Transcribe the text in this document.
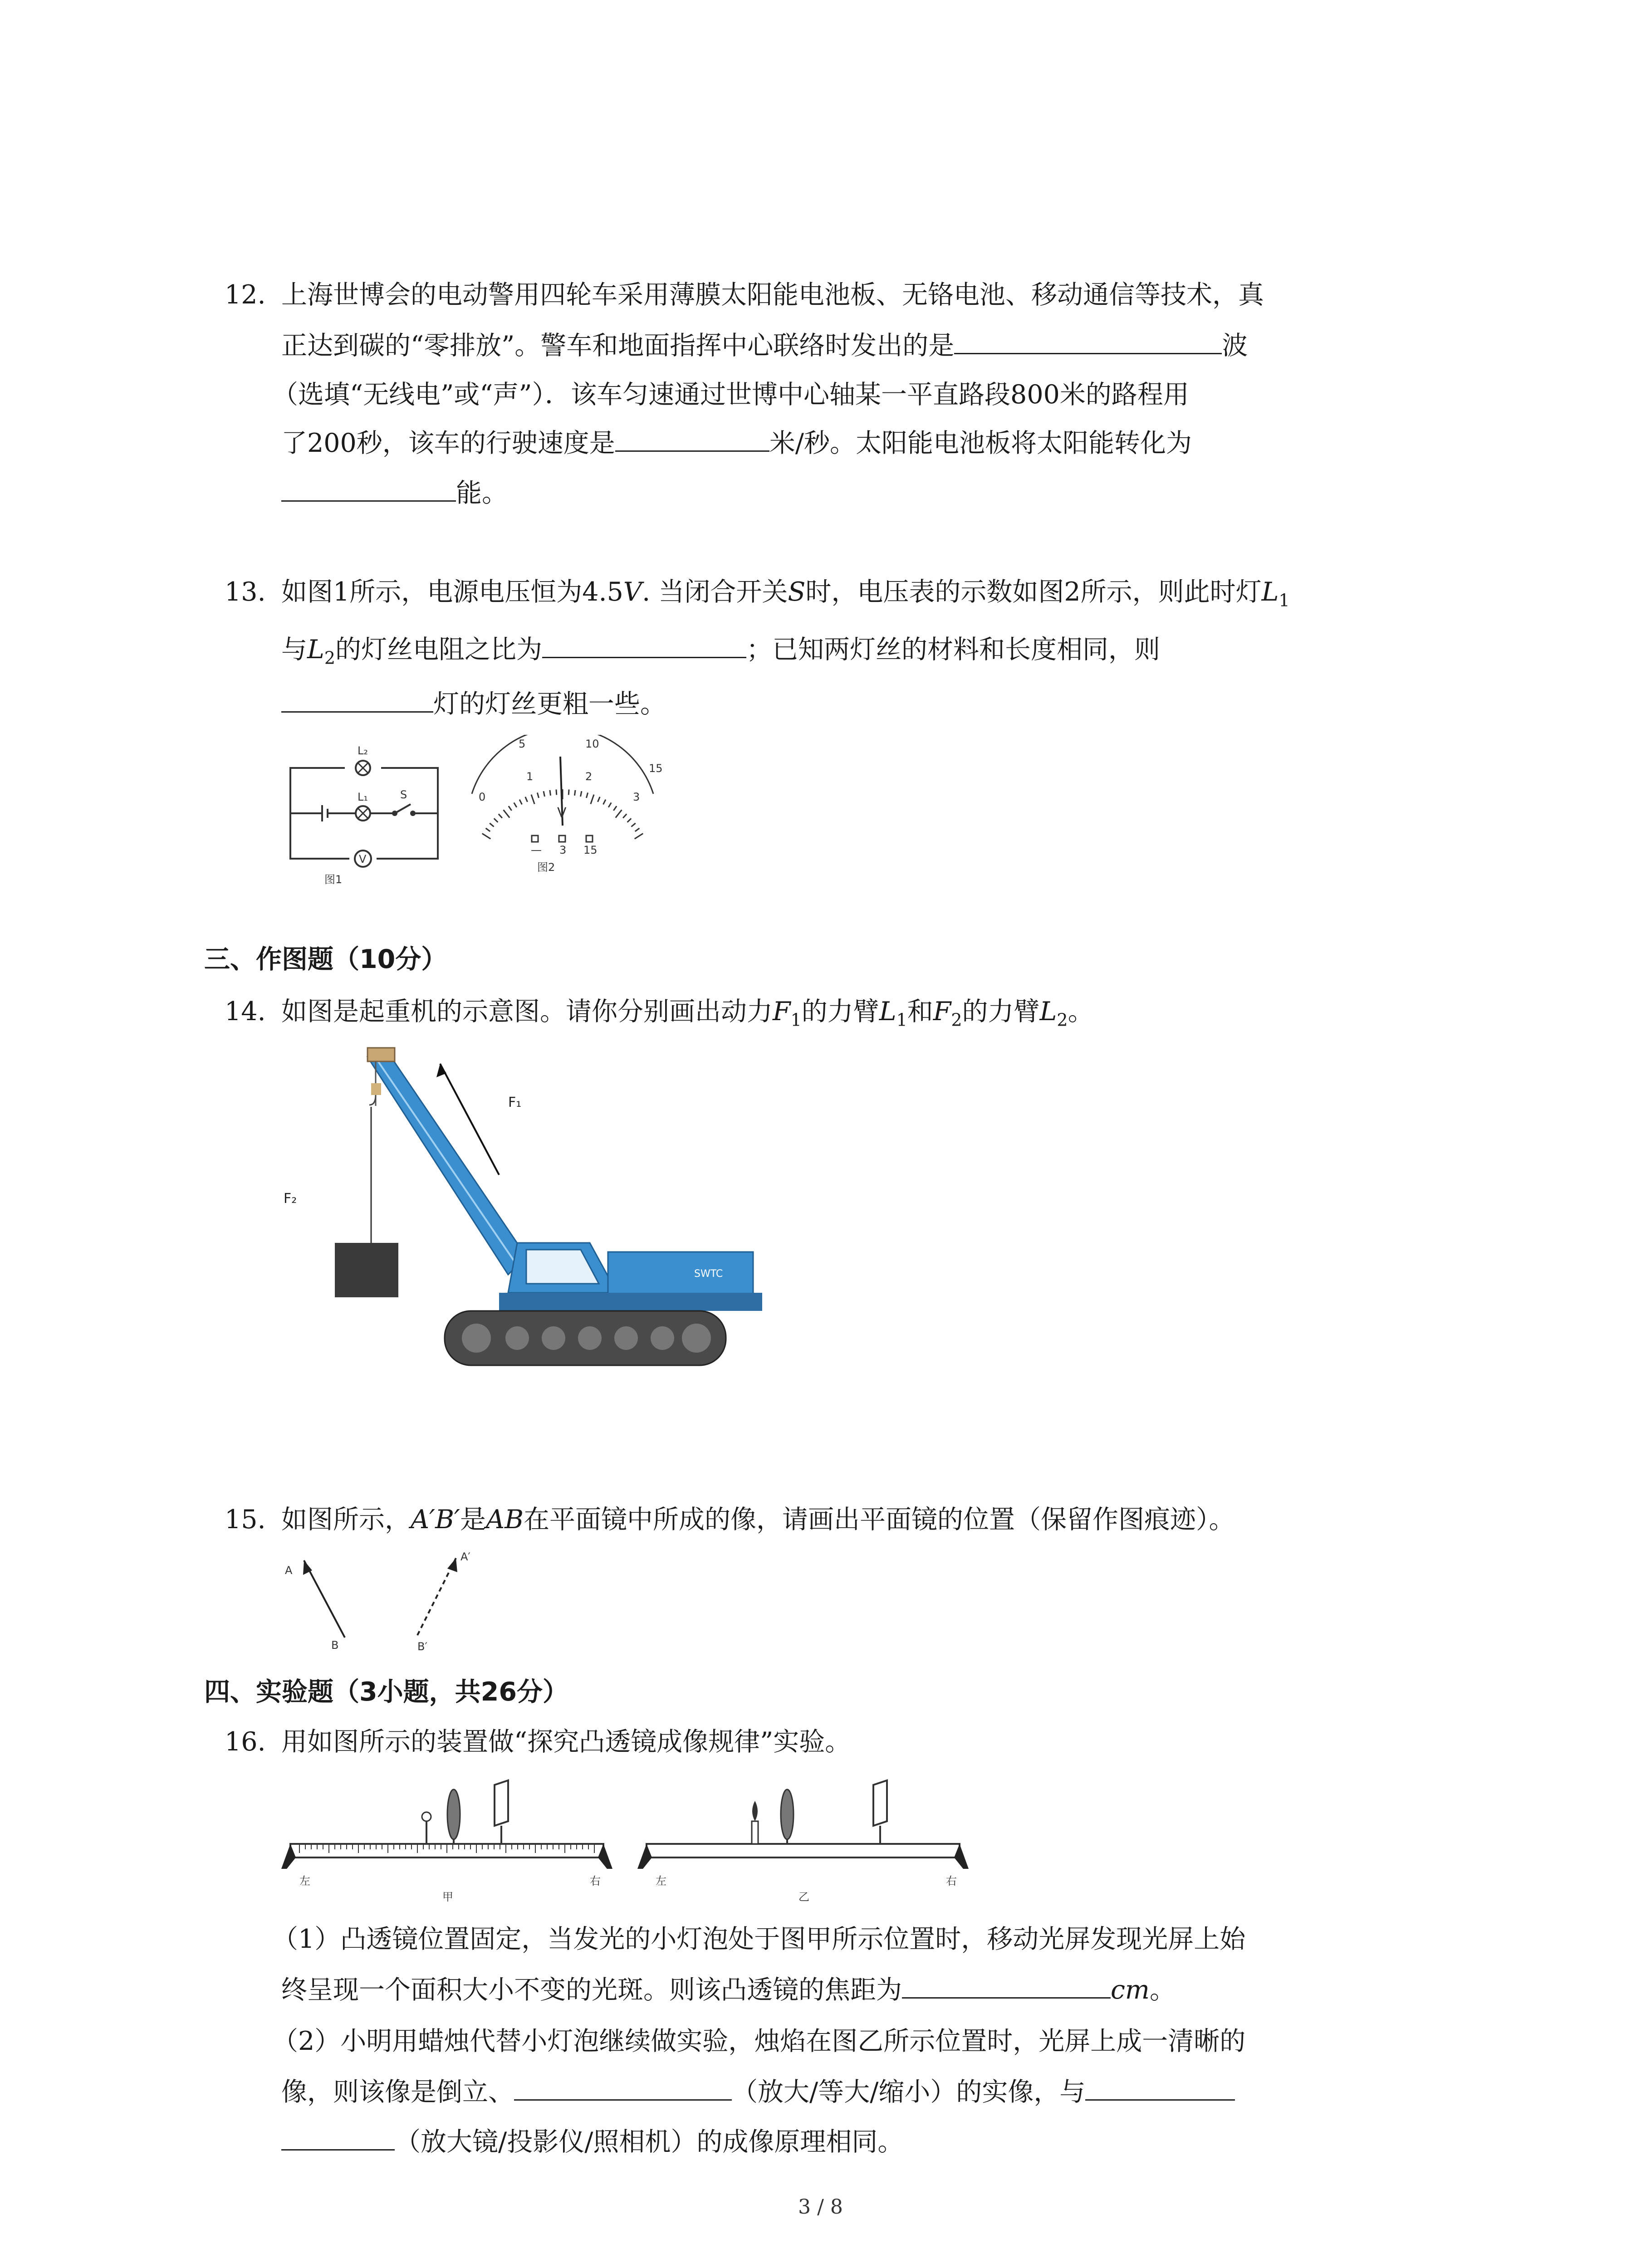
12. 上海世博会的电动警用四轮车采用薄膜太阳能电池板、无铬电池、移动通信等技术，真
正达到碳的“零排放”。警车和地面指挥中心联络时发出的是	波
（选填“无线电”或“声”）．该车匀速通过世博中心轴某一平直路段800米的路程用
了200秒，该车的行驶速度是	米/秒。太阳能电池板将太阳能转化为
能。
13. 如图1所示，电源电压恒为4.5V. 当闭合开关S时，电压表的示数如图2所示，则此时灯$L_1$
与$L_2$的灯丝电阻之比为	；已知两灯丝的材料和长度相同，则
灯的灯丝更粗一些。
L₂
L₁	S
V
图1
5	10
15
0
1	2
3
V
— 3 15
图2
三、作图题（10分）
14. 如图是起重机的示意图。请你分别画出动力$F_1$的力臂$L_1$和$F_2$的力臂$L_2$。
F₁
F₂
SWTC
15. 如图所示，A′B′是AB在平面镜中所成的像，请画出平面镜的位置（保留作图痕迹）。
A
B
A′
B′
四、实验题（3小题，共26分）
16. 用如图所示的装置做“探究凸透镜成像规律”实验。
左	右
甲
左	右
乙
（1）凸透镜位置固定，当发光的小灯泡处于图甲所示位置时，移动光屏发现光屏上始
终呈现一个面积大小不变的光斑。则该凸透镜的焦距为	cm。
（2）小明用蜡烛代替小灯泡继续做实验，烛焰在图乙所示位置时，光屏上成一清晰的
像，则该像是倒立、	（放大/等大/缩小）的实像，与
（放大镜/投影仪/照相机）的成像原理相同。
3 / 8
